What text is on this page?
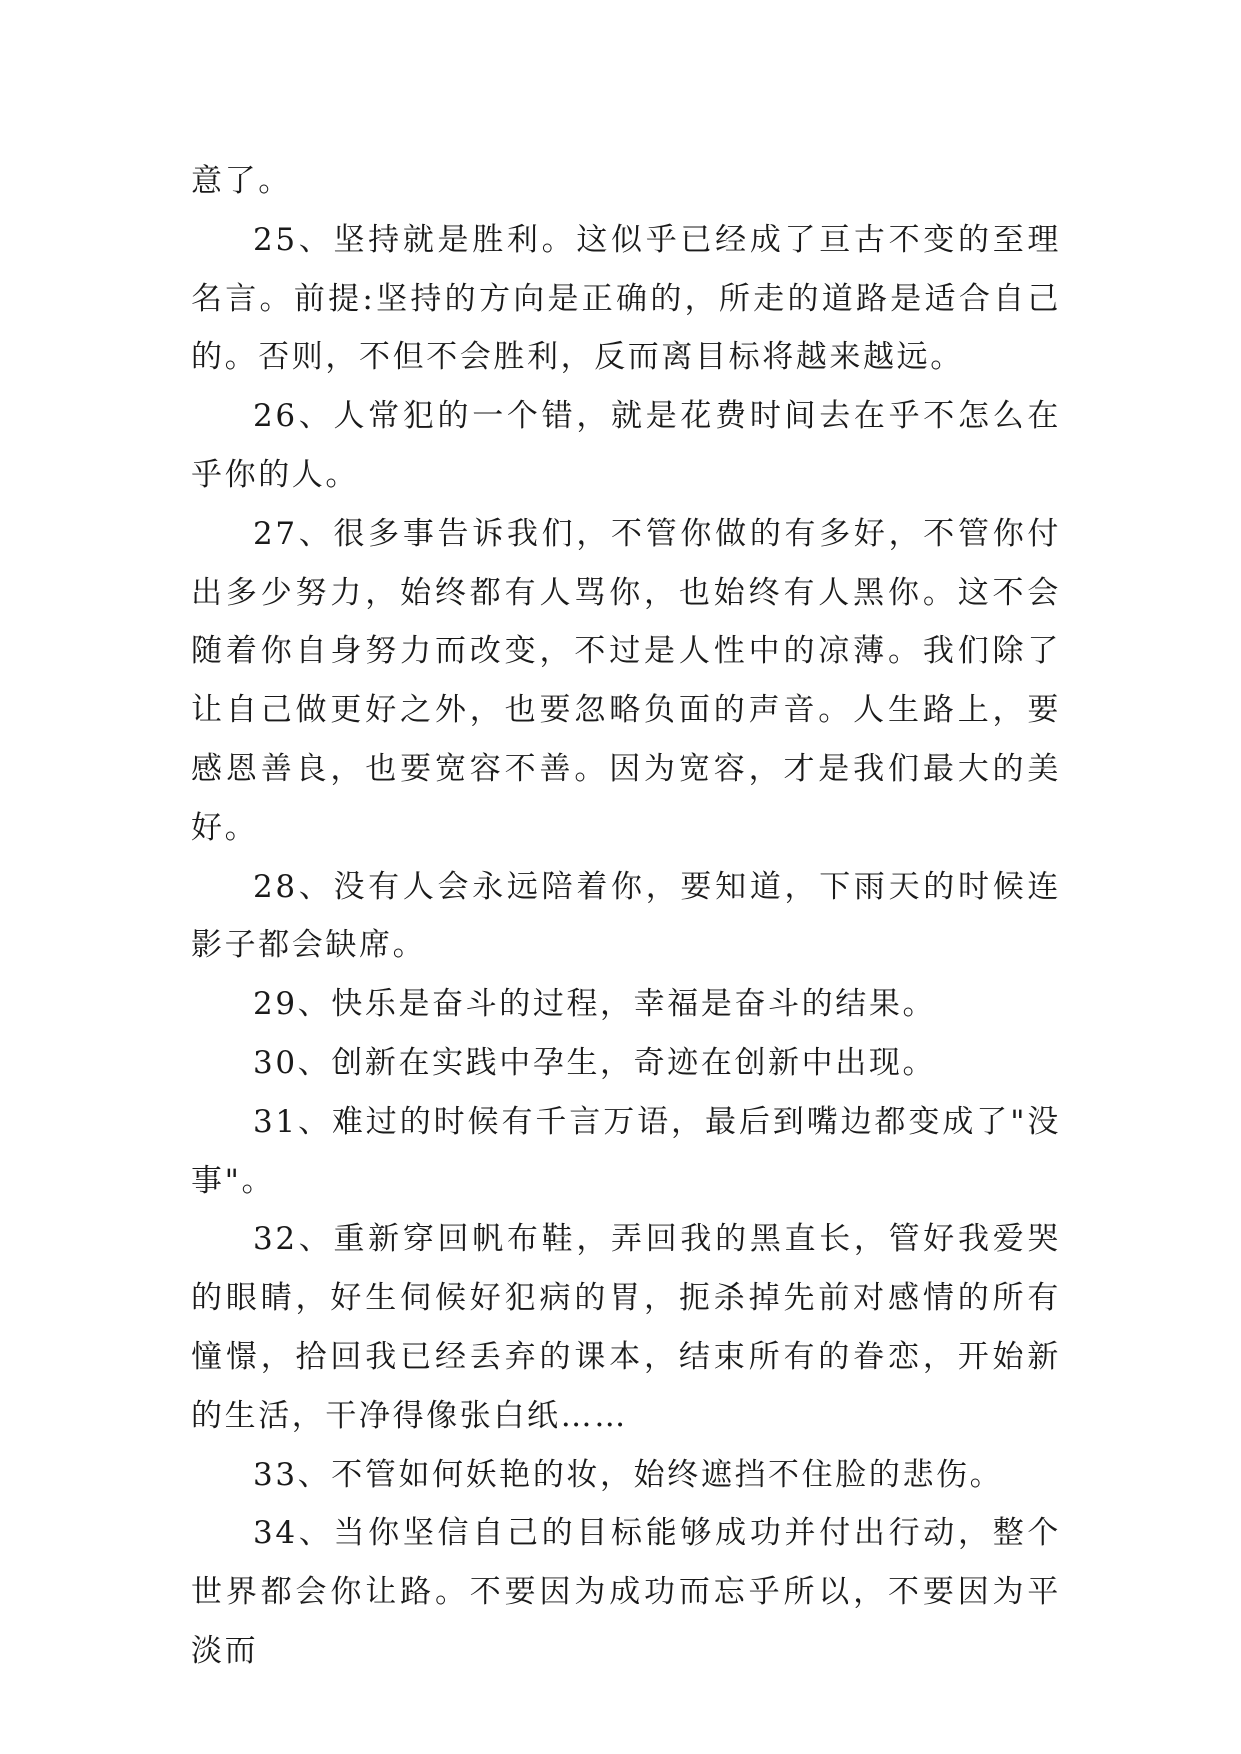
意了。

25、坚持就是胜利。这似乎已经成了亘古不变的至理名言。前提:坚持的方向是正确的，所走的道路是适合自己的。否则，不但不会胜利，反而离目标将越来越远。

26、人常犯的一个错，就是花费时间去在乎不怎么在乎你的人。

27、很多事告诉我们，不管你做的有多好，不管你付出多少努力，始终都有人骂你，也始终有人黑你。这不会随着你自身努力而改变，不过是人性中的凉薄。我们除了让自己做更好之外，也要忽略负面的声音。人生路上，要感恩善良，也要宽容不善。因为宽容，才是我们最大的美好。

28、没有人会永远陪着你，要知道，下雨天的时候连影子都会缺席。

29、快乐是奋斗的过程，幸福是奋斗的结果。

30、创新在实践中孕生，奇迹在创新中出现。

31、难过的时候有千言万语，最后到嘴边都变成了"没事"。

32、重新穿回帆布鞋，弄回我的黑直长，管好我爱哭的眼睛，好生伺候好犯病的胃，扼杀掉先前对感情的所有憧憬，拾回我已经丢弃的课本，结束所有的眷恋，开始新的生活，干净得像张白纸……

33、不管如何妖艳的妆，始终遮挡不住脸的悲伤。

34、当你坚信自己的目标能够成功并付出行动，整个世界都会你让路。不要因为成功而忘乎所以，不要因为平淡而
